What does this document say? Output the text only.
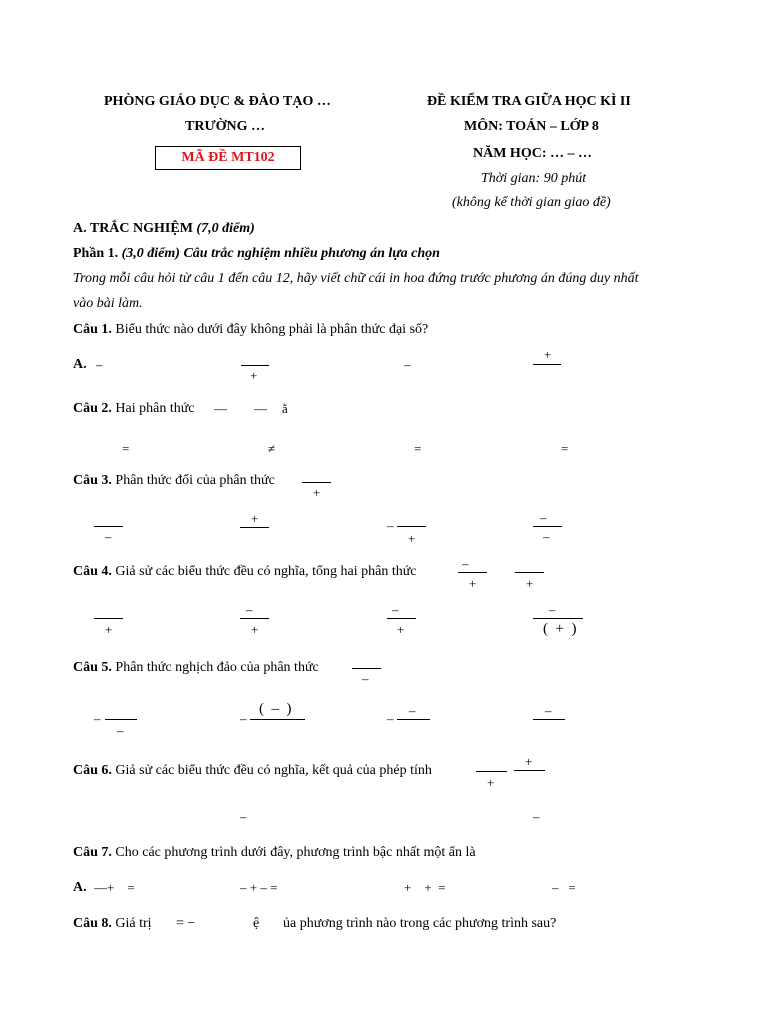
PHÒNG GIÁO DỤC & ĐÀO TẠO …
TRƯỜNG …
MÃ ĐỀ MT102
ĐỀ KIỂM TRA GIỮA HỌC KÌ II
MÔN: TOÁN – LỚP 8
NĂM HỌC: … – …
Thời gian: 90 phút
(không kể thời gian giao đề)
A. TRẮC NGHIỆM (7,0 điểm)
Phần 1. (3,0 điểm) Câu trắc nghiệm nhiều phương án lựa chọn
Trong mỗi câu hỏi từ câu 1 đến câu 12, hãy viết chữ cái in hoa đứng trước phương án đúng duy nhất
vào bài làm.
Câu 1. Biểu thức nào dưới đây không phải là phân thức đại số?
A. –
+
–
+
Câu 2. Hai phân thức — — ằ
=	≠	=	=
Câu 3. Phân thức đối của phân thức
+
–
+	–
+
–
–
Câu 4. Giả sử các biểu thức đều có nghĩa, tổng hai phân thức
–
+	+
+
–
+
–
+
–
(  +  )
Câu 5. Phân thức nghịch đảo của phân thức
–
–
–
–
(  –  )
–
–	–
Câu 6. Giả sử các biểu thức đều có nghĩa, kết quả của phép tính
+
+
–	–
Câu 7. Cho các phương trình dưới đây, phương trình bậc nhất một ẩn là
A. —+    =	– + – =	+    +  =	–   =
Câu 8. Giá trị = −	ệ ủa phương trình nào trong các phương trình sau?
